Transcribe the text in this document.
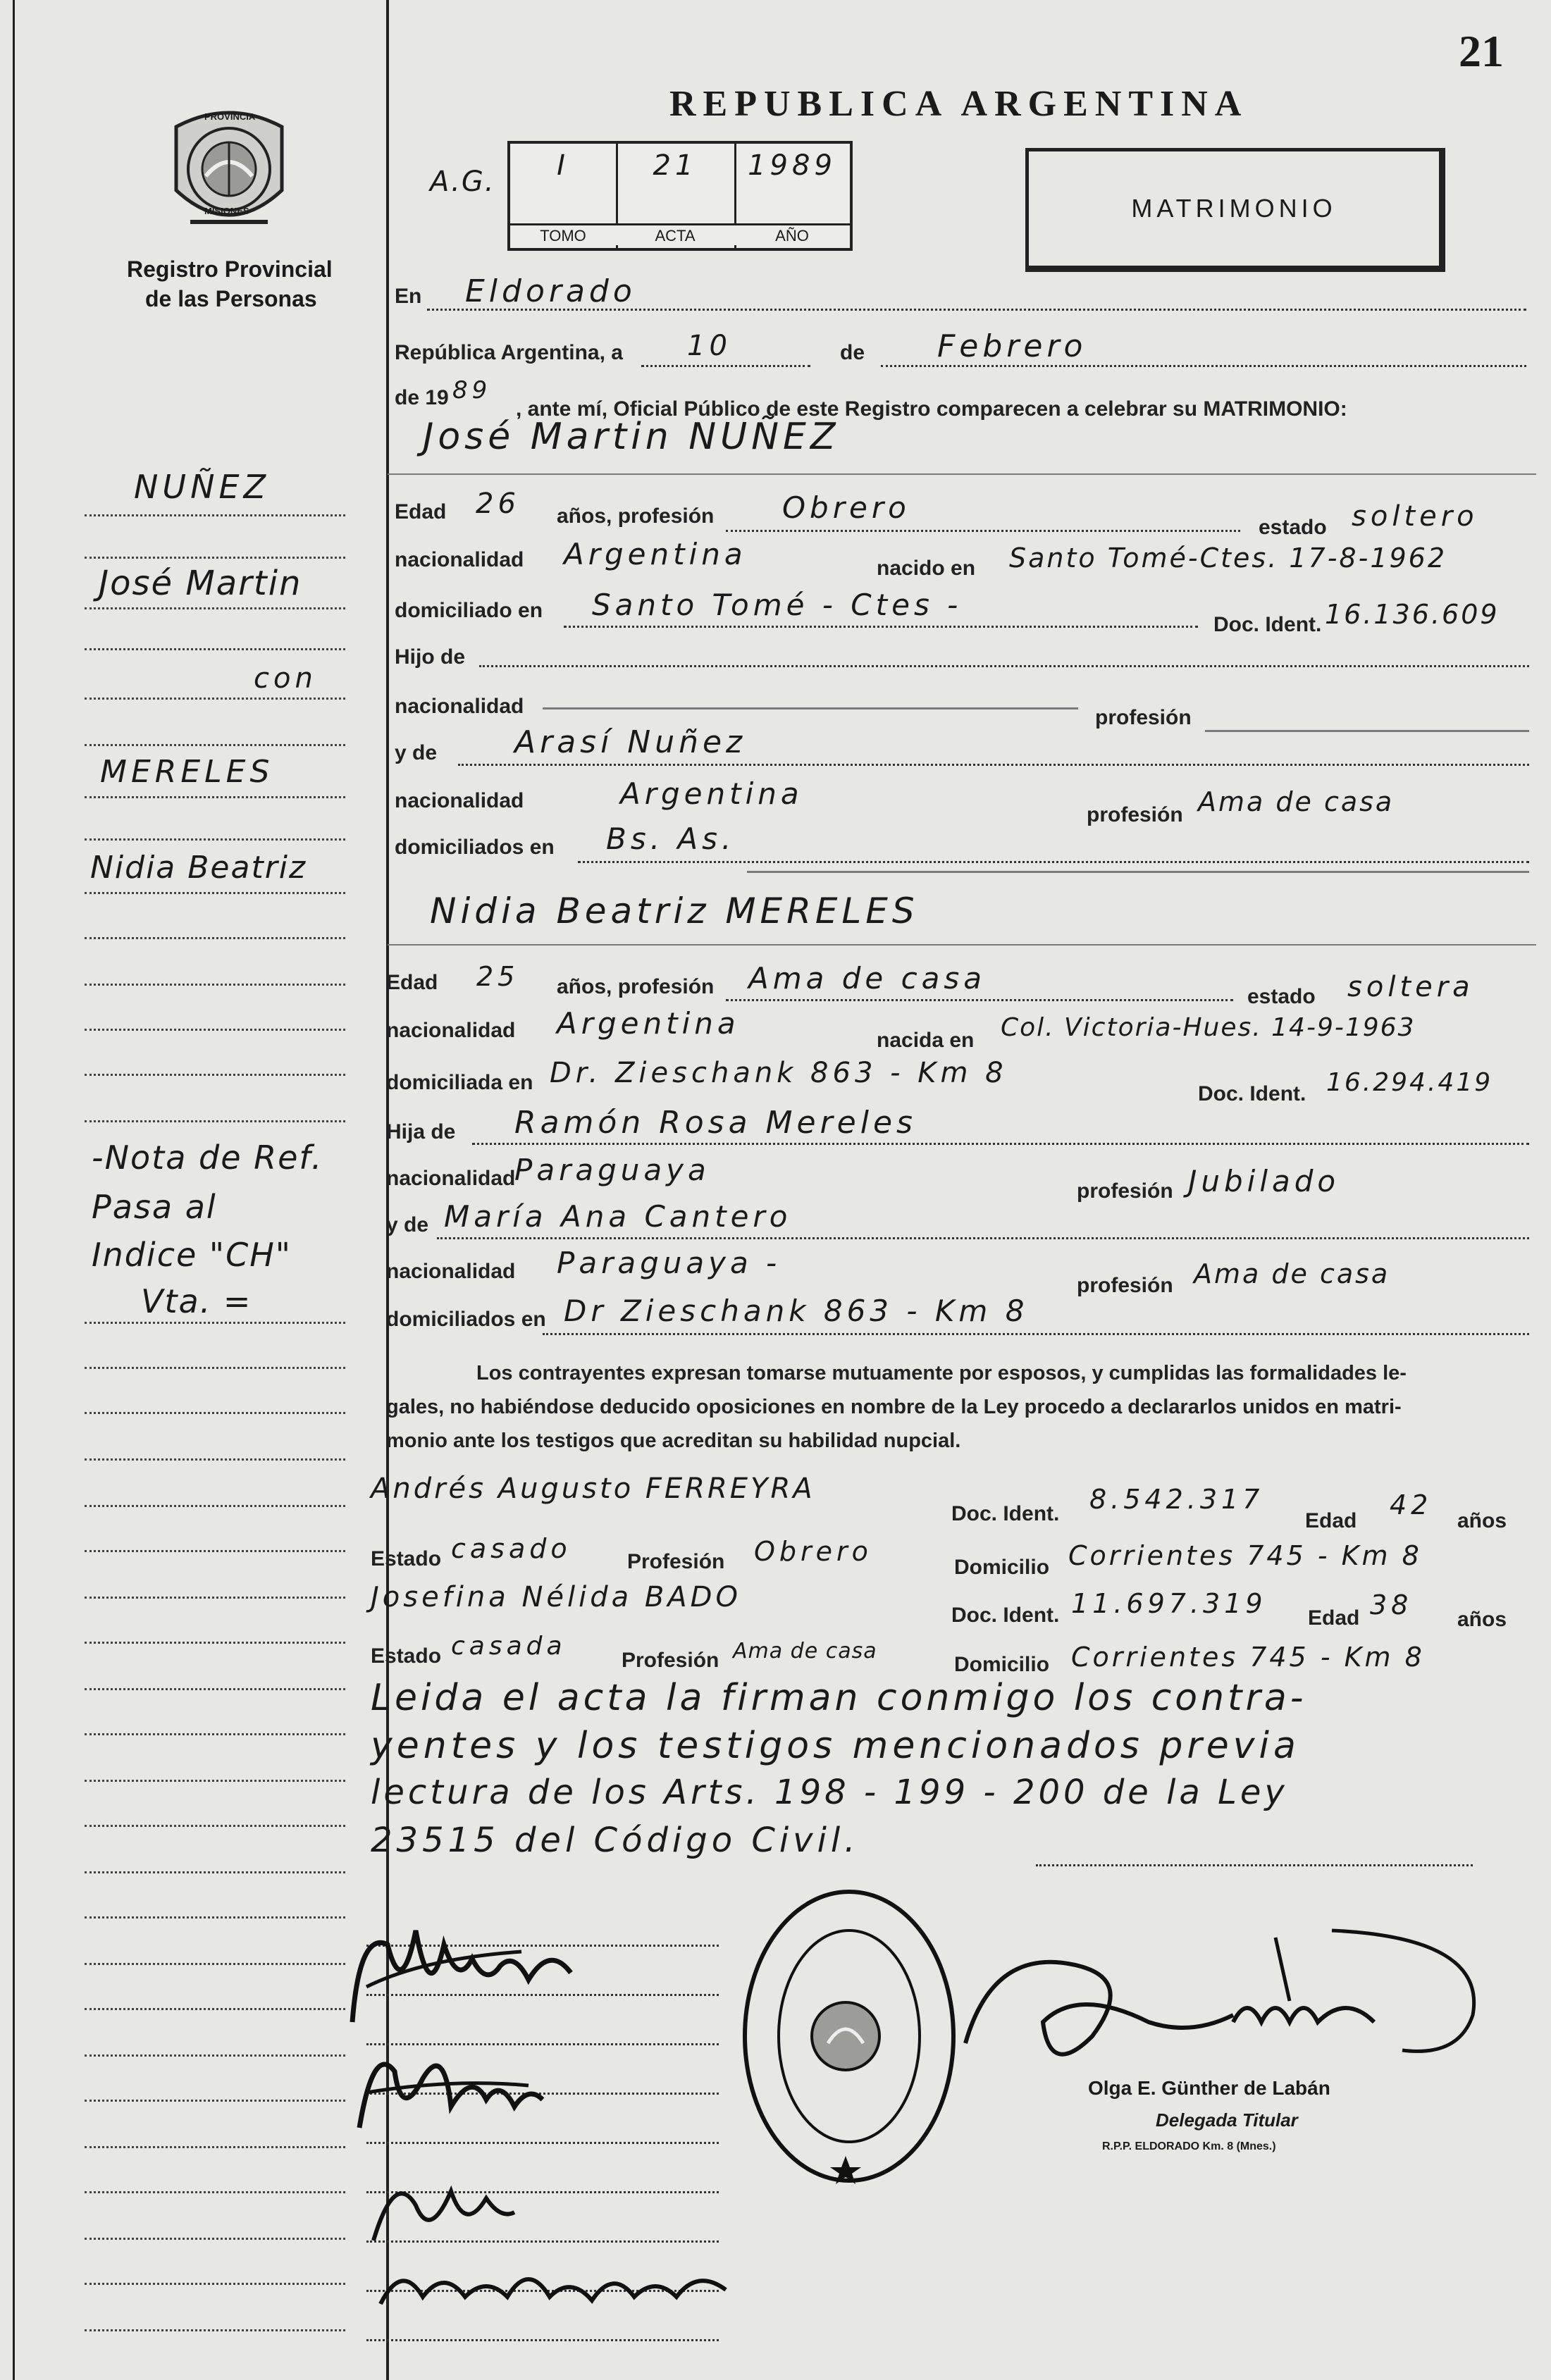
21
REPUBLICA ARGENTINA
PROVINCIA
MISIONES
Registro Provincial
de las Personas
A.G.	I
TOMO
21
ACTA
1989
AÑO
MATRIMONIO
En Eldorado
República Argentina, a 10	de Febrero
de 19 89
, ante mí, Oficial Público de este Registro comparecen a celebrar su MATRIMONIO:
José Martin NUÑEZ
Edad 26 años, profesión Obrero
estado soltero
nacionalidad Argentina	nacido en Santo Tomé-Ctes. 17-8-1962
domiciliado en Santo Tomé - Ctes -
Doc. Ident. 16.136.609
Hijo de
nacionalidad	profesión
y de Arasí Nuñez
nacionalidad	Argentina
profesión Ama de casa
domiciliados en Bs. As.
Nidia Beatriz MERELES
Edad 25 años, profesión Ama de casa
estado soltera
nacionalidad Argentina	nacida en Col. Victoria-Hues. 14-9-1963
domiciliada en Dr. Zieschank 863 - Km 8
Doc. Ident. 16.294.419
Hija de Ramón Rosa Mereles
nacionalidad
Paraguaya
profesión Jubilado
y de María Ana Cantero
nacionalidad Paraguaya -
profesión Ama de casa
domiciliados en Dr Zieschank 863 - Km 8
Los contrayentes expresan tomarse mutuamente por esposos, y cumplidas las formalidades le-
gales, no habiéndose deducido oposiciones en nombre de la Ley procedo a declararlos unidos en matri-
monio ante los testigos que acreditan su habilidad nupcial.
Andrés Augusto FERREYRA
Doc. Ident. 8.542.317
Edad
42
años
Estado casado	Profesión Obrero
Domicilio Corrientes 745 - Km 8
Josefina Nélida BADO
Doc. Ident. 11.697.319 Edad 38 años
Estado casada	Profesión Ama de casa
Domicilio Corrientes 745 - Km 8
Leida el acta la firman conmigo los contra-
yentes y los testigos mencionados previa
lectura de los Arts. 198 - 199 - 200 de la Ley
23515 del Código Civil.
NUÑEZ
José Martin
con
MERELES
Nidia Beatriz
-Nota de Ref.
Pasa al
Indice "CH"
Vta. =
Olga E. Günther de Labán
Delegada Titular
R.P.P. ELDORADO Km. 8 (Mnes.)
